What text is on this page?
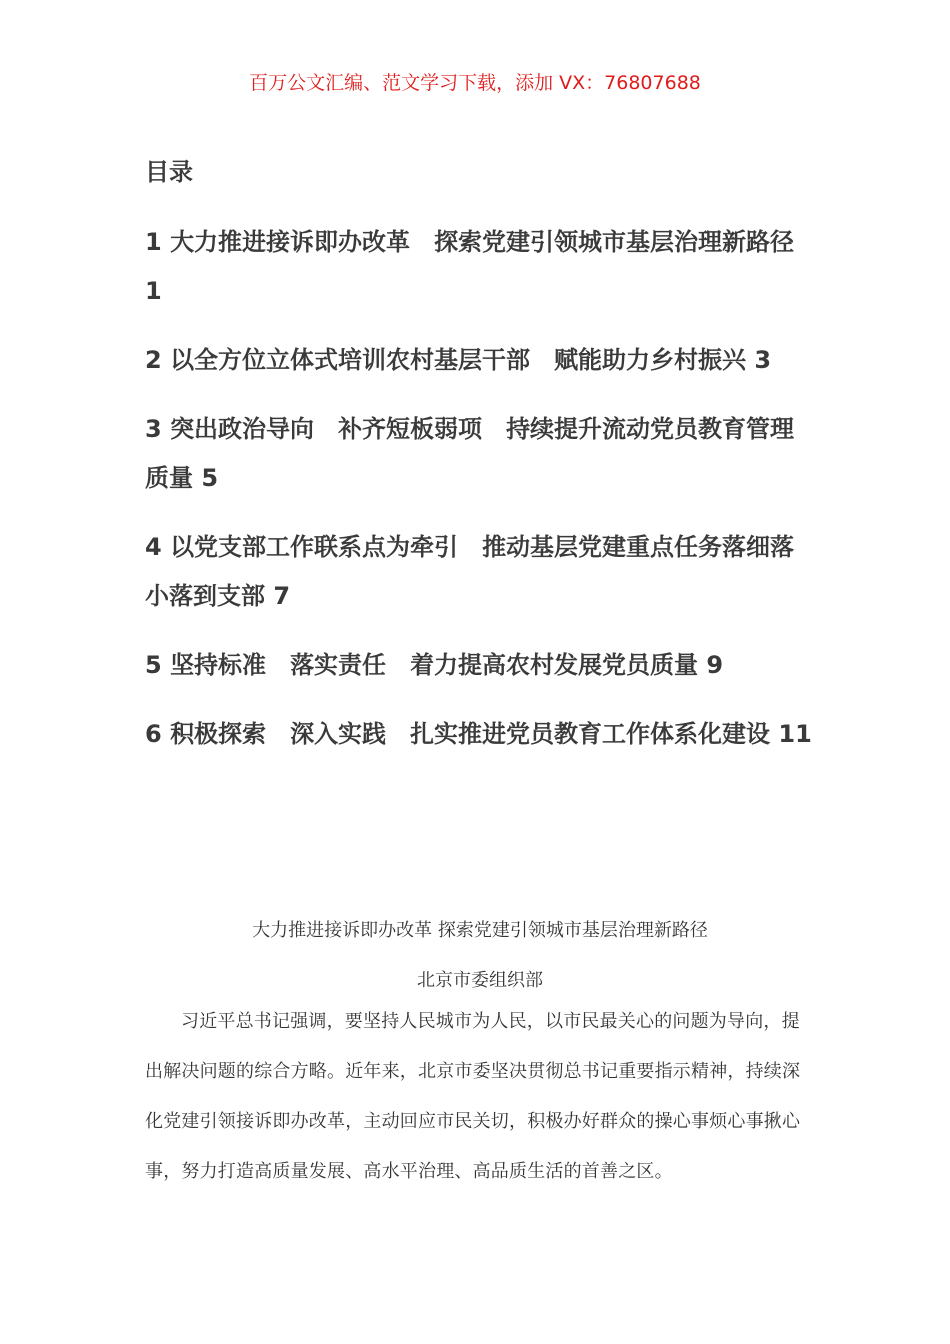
百万公文汇编、范文学习下载，添加 VX：76807688
目录
1 大力推进接诉即办改革 探索党建引领城市基层治理新路径 1
2 以全方位立体式培训农村基层干部 赋能助力乡村振兴 3
3 突出政治导向 补齐短板弱项 持续提升流动党员教育管理质量 5
4 以党支部工作联系点为牵引 推动基层党建重点任务落细落小落到支部 7
5 坚持标准 落实责任 着力提高农村发展党员质量 9
6 积极探索 深入实践 扎实推进党员教育工作体系化建设 11
大力推进接诉即办改革 探索党建引领城市基层治理新路径
北京市委组织部

习近平总书记强调，要坚持人民城市为人民，以市民最关心的问题为导向，提出解决问题的综合方略。近年来，北京市委坚决贯彻总书记重要指示精神，持续深化党建引领接诉即办改革，主动回应市民关切，积极办好群众的操心事烦心事揪心事，努力打造高质量发展、高水平治理、高品质生活的首善之区。
